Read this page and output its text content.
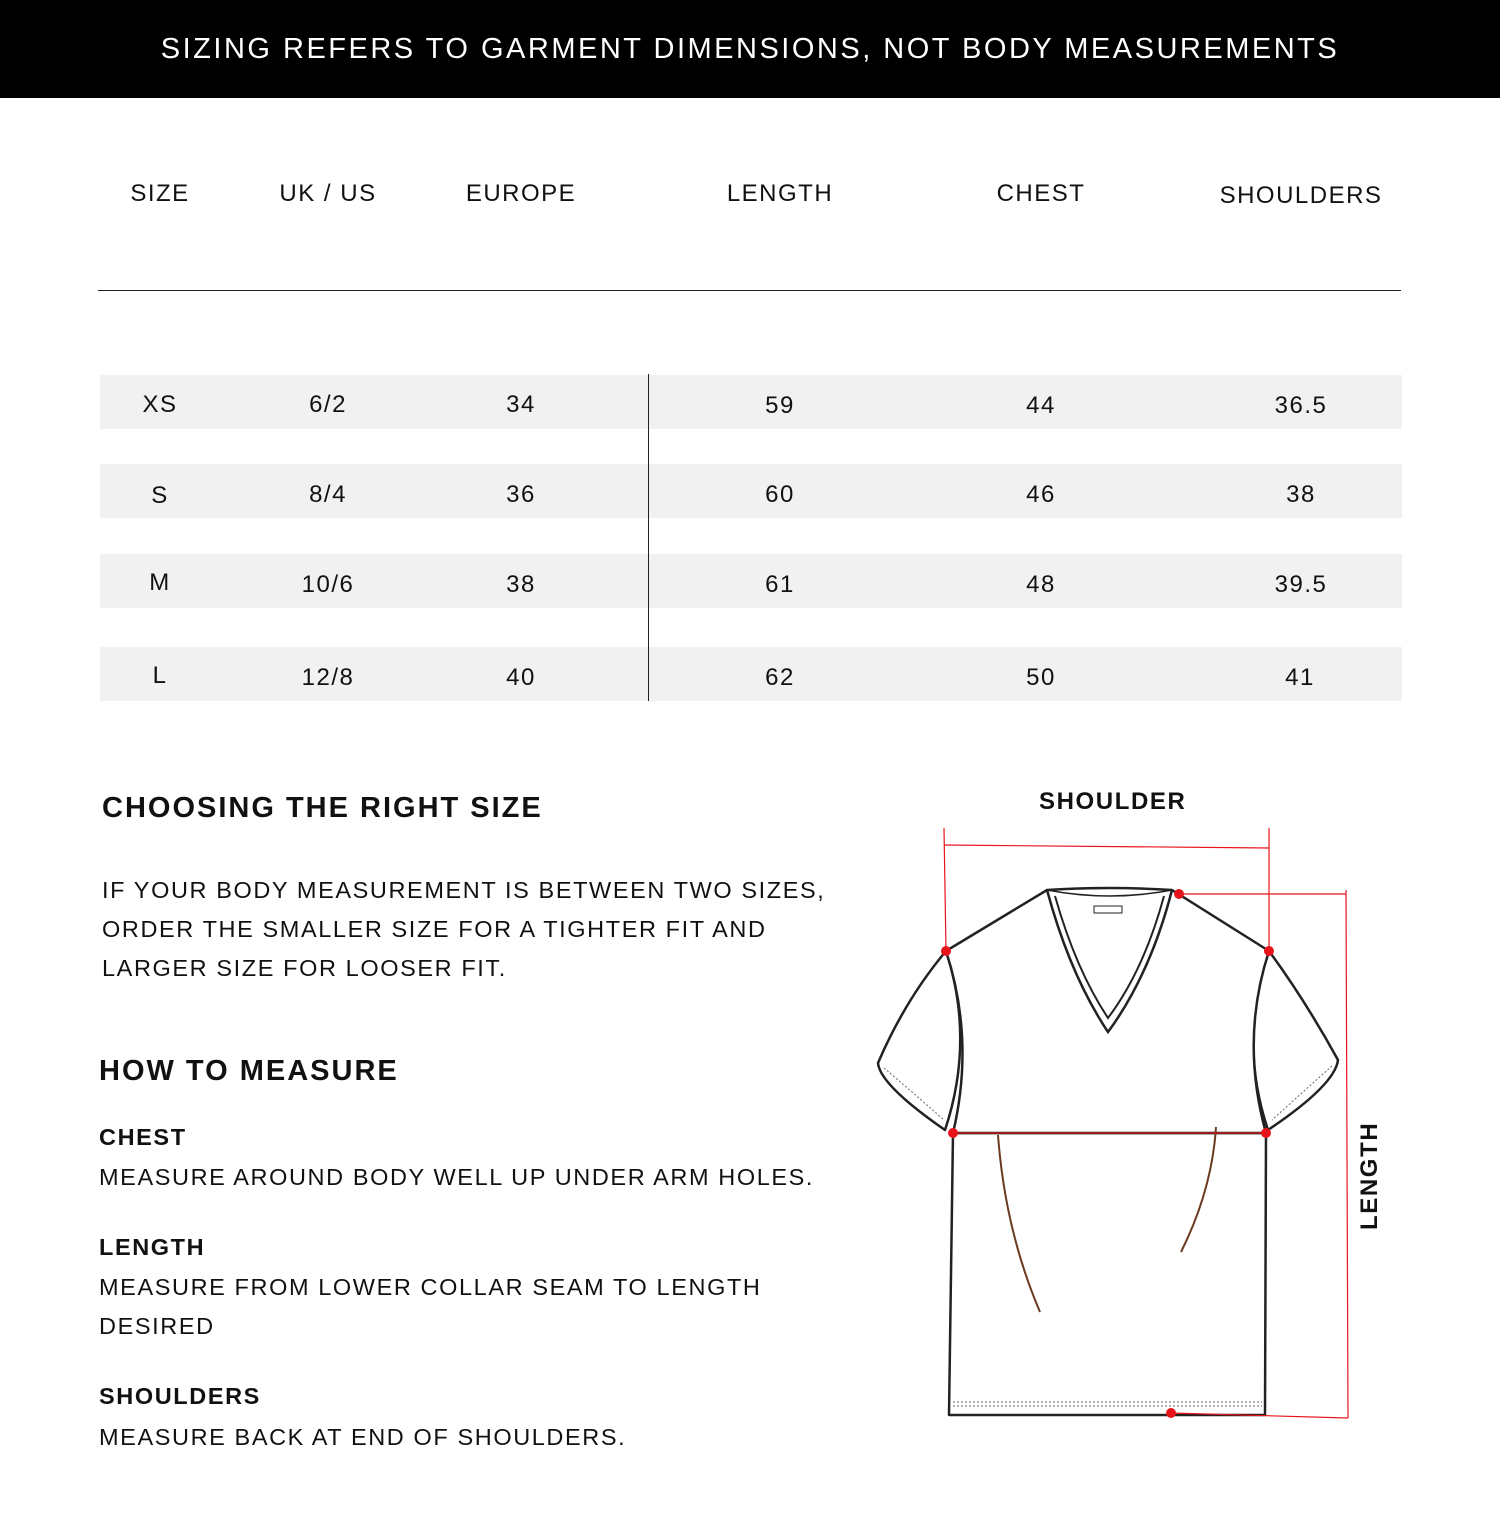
SIZING REFERS TO GARMENT DIMENSIONS, NOT BODY MEASUREMENTS
SIZE	UK / US	EUROPE	LENGTH	CHEST	SHOULDERS
XS	6/2	34	59	44	36.5
S	8/4	36	60	46	38
M	10/6	38	61	48	39.5
L	12/8	40	62	50	41
CHOOSING THE RIGHT SIZE
IF YOUR BODY MEASUREMENT IS BETWEEN TWO SIZES,
ORDER THE SMALLER SIZE FOR A TIGHTER FIT AND
LARGER SIZE FOR LOOSER FIT.
HOW TO MEASURE
CHEST
MEASURE AROUND BODY WELL UP UNDER ARM HOLES.
LENGTH
MEASURE FROM LOWER COLLAR SEAM TO LENGTH
DESIRED
SHOULDERS
MEASURE BACK AT END OF SHOULDERS.
SHOULDER
LENGTH
